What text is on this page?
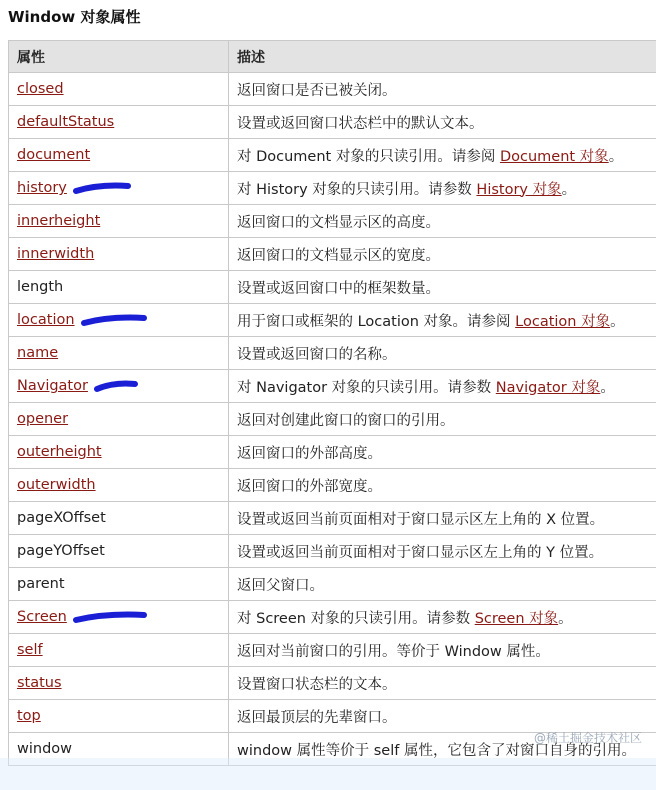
Window 对象属性
属性	描述
closed	返回窗口是否已被关闭。
defaultStatus	设置或返回窗口状态栏中的默认文本。
document	对 Document 对象的只读引用。请参阅 Document 对象。
history	对 History 对象的只读引用。请参数 History 对象。
innerheight	返回窗口的文档显示区的高度。
innerwidth	返回窗口的文档显示区的宽度。
length	设置或返回窗口中的框架数量。
location	用于窗口或框架的 Location 对象。请参阅 Location 对象。
name	设置或返回窗口的名称。
Navigator	对 Navigator 对象的只读引用。请参数 Navigator 对象。
opener	返回对创建此窗口的窗口的引用。
outerheight	返回窗口的外部高度。
outerwidth	返回窗口的外部宽度。
pageXOffset	设置或返回当前页面相对于窗口显示区左上角的 X 位置。
pageYOffset	设置或返回当前页面相对于窗口显示区左上角的 Y 位置。
parent	返回父窗口。
Screen	对 Screen 对象的只读引用。请参数 Screen 对象。
self	返回对当前窗口的引用。等价于 Window 属性。
status	设置窗口状态栏的文本。
top	返回最顶层的先辈窗口。
window	window 属性等价于 self 属性，它包含了对窗口自身的引用。
@稀土掘金技术社区
